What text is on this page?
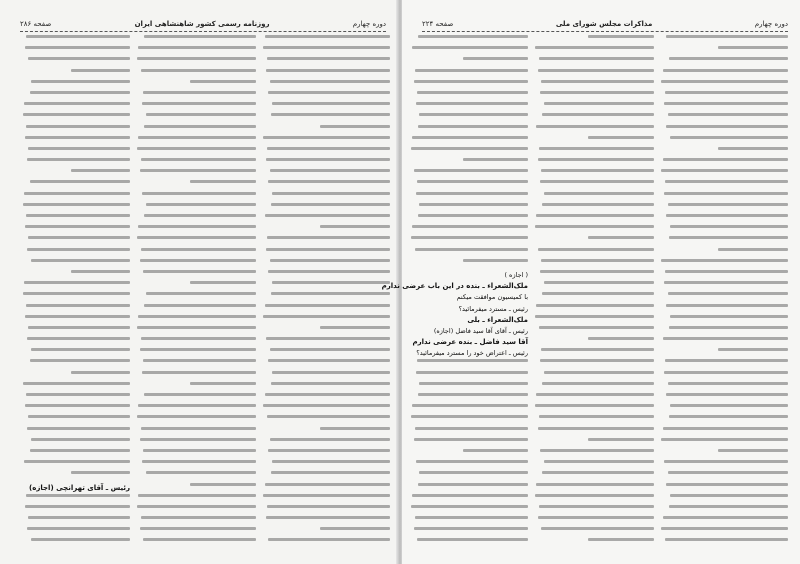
دوره چهارم
روزنامه رسمی کشور شاهنشاهی ایران
صفحه ۲۸۶
رئیس ـ آقای تهرانچی (اجازه)
دوره چهارم
مذاکرات مجلس شورای ملی
صفحه ۲۲۴
( اجازه )
ملک‌الشعراء ـ بنده در این باب عرضی ندارم
با کمیسیون موافقت میکنم
رئیس ـ مسترد میفرمائید؟
ملک‌الشعراء ـ بلی
رئیس ـ آقای آقا سید فاضل (اجازه)
آقا سید فاضل ـ بنده عرضی ندارم
رئیس ـ اعتراض خود را مسترد میفرمائید؟
